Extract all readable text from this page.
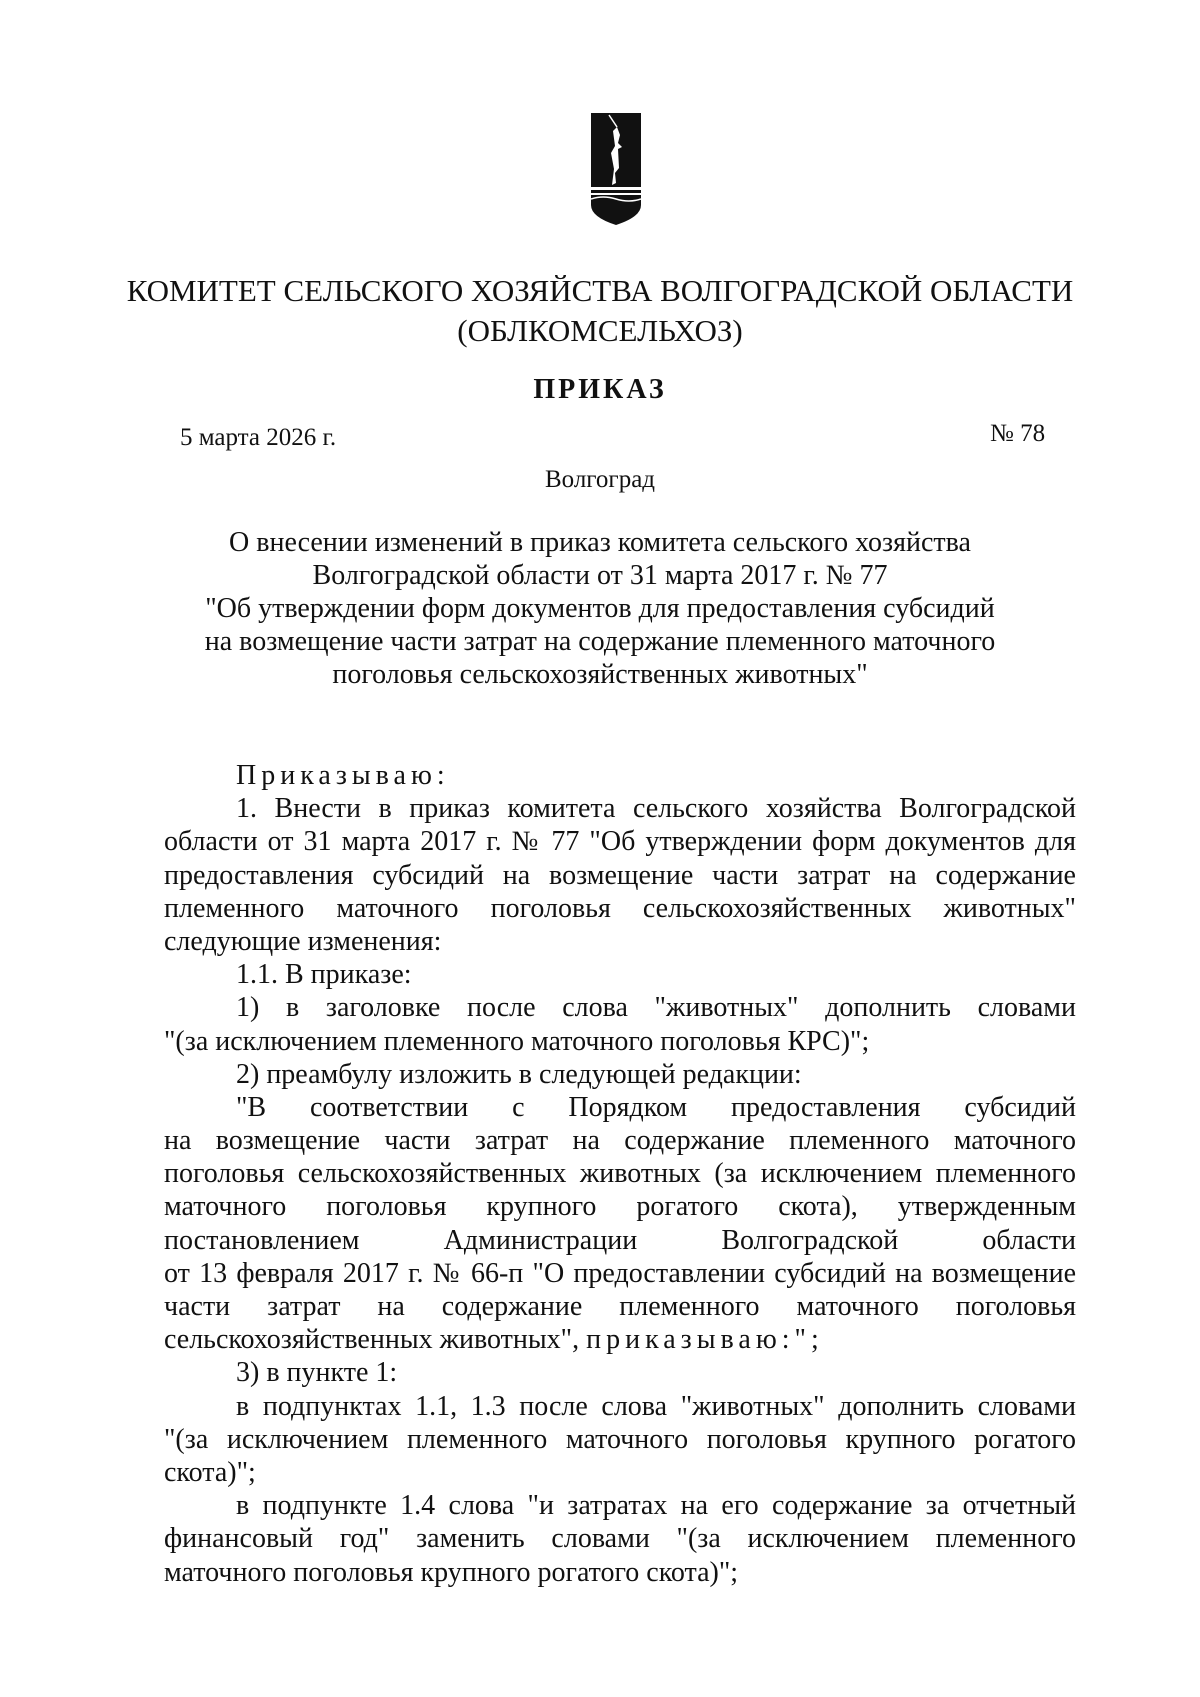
КОМИТЕТ СЕЛЬСКОГО ХОЗЯЙСТВА ВОЛГОГРАДСКОЙ ОБЛАСТИ
(ОБЛКОМСЕЛЬХОЗ)
ПРИКАЗ
5 марта 2026 г.	№ 78
Волгоград
О внесении изменений в приказ комитета сельского хозяйства
Волгоградской области от 31 марта 2017 г. № 77
"Об утверждении форм документов для предоставления субсидий
на возмещение части затрат на содержание племенного маточного
поголовья сельскохозяйственных животных"
Приказываю:
1. Внести в приказ комитета сельского хозяйства Волгоградской
области от 31 марта 2017 г. № 77 "Об утверждении форм документов для
предоставления субсидий на возмещение части затрат на содержание
племенного маточного поголовья сельскохозяйственных животных"
следующие изменения:
1.1. В приказе:
1) в заголовке после слова "животных" дополнить словами
"(за исключением племенного маточного поголовья КРС)";
2) преамбулу изложить в следующей редакции:
"В соответствии с Порядком предоставления субсидий
на возмещение части затрат на содержание племенного маточного
поголовья сельскохозяйственных животных (за исключением племенного
маточного поголовья крупного рогатого скота), утвержденным
постановлением Администрации Волгоградской области
от 13 февраля 2017 г. № 66-п "О предоставлении субсидий на возмещение
части затрат на содержание племенного маточного поголовья
сельскохозяйственных животных", приказываю:";
3) в пункте 1:
в подпунктах 1.1, 1.3 после слова "животных" дополнить словами
"(за исключением племенного маточного поголовья крупного рогатого
скота)";
в подпункте 1.4 слова "и затратах на его содержание за отчетный
финансовый год" заменить словами "(за исключением племенного
маточного поголовья крупного рогатого скота)";
